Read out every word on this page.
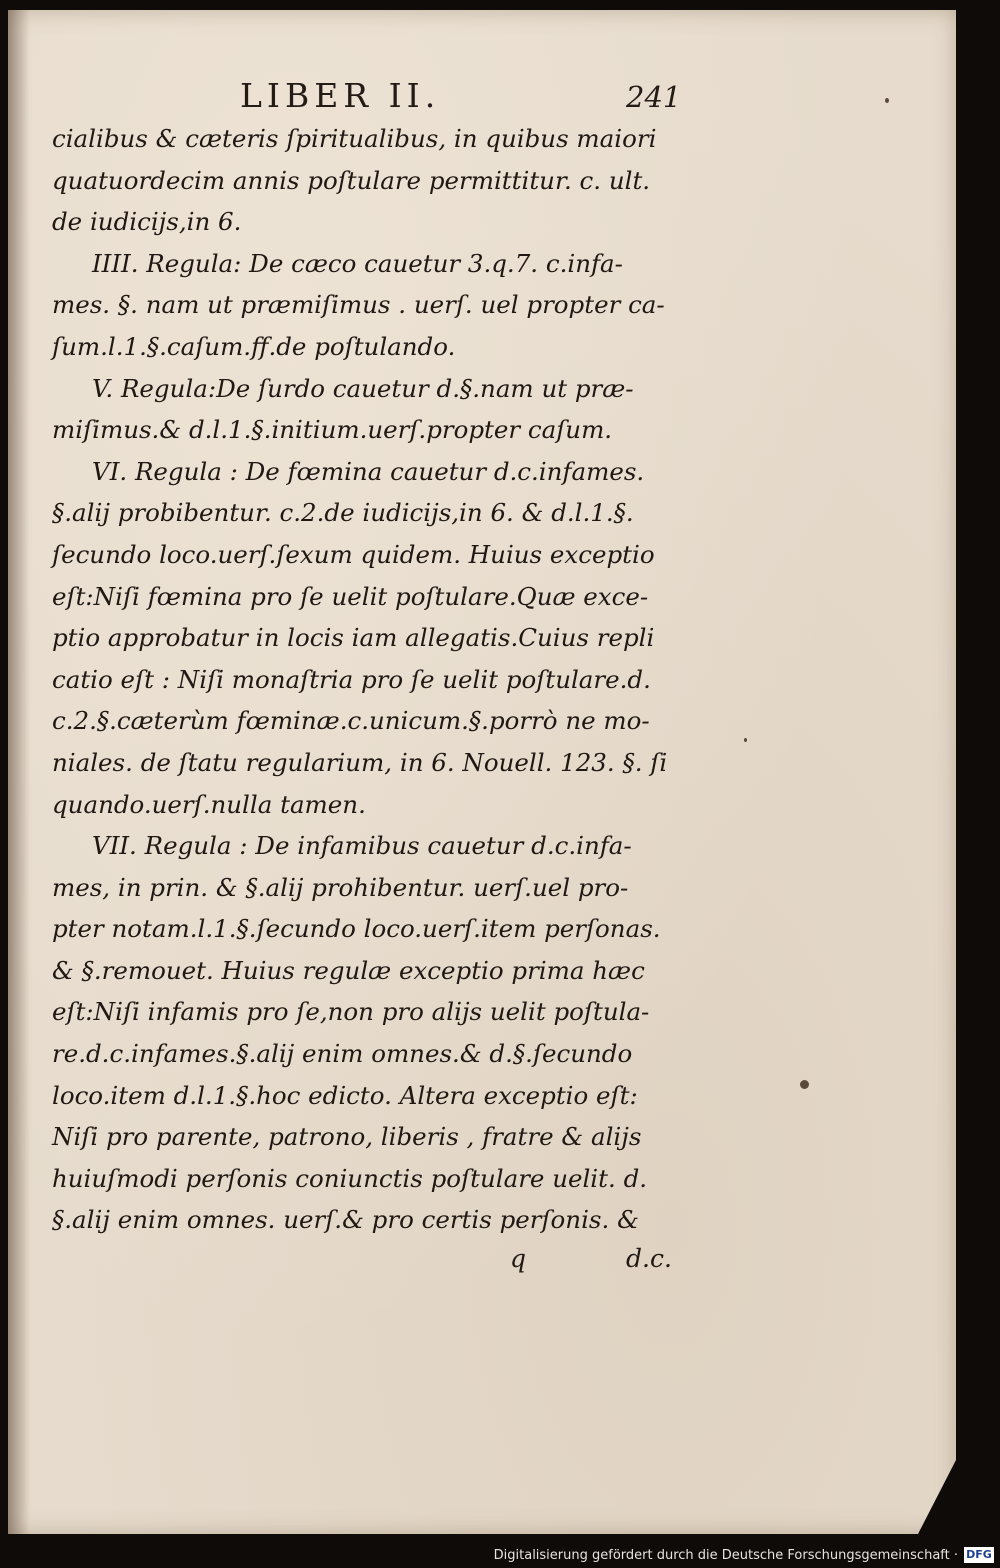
LIBER II.	241
cialibus & cæteris ſpiritualibus, in quibus maiori
quatuordecim annis poſtulare permittitur. c. ult.
de iudicijs,in 6.
IIII. Regula: De cæco cauetur 3.q.7. c.infa-
mes. §. nam ut præmiſimus . uerſ. uel propter ca-
ſum.l.1.§.caſum.ff.de poſtulando.
V. Regula:De ſurdo cauetur d.§.nam ut præ-
miſimus.& d.l.1.§.initium.uerſ.propter caſum.
VI. Regula : De fœmina cauetur d.c.infames.
§.alij probibentur. c.2.de iudicijs,in 6. & d.l.1.§.
ſecundo loco.uerſ.ſexum quidem. Huius exceptio
eſt:Niſi fœmina pro ſe uelit poſtulare.Quæ exce-
ptio approbatur in locis iam allegatis.Cuius repli
catio eſt : Niſi monaſtria pro ſe uelit poſtulare.d.
c.2.§.cæterùm fœminæ.c.unicum.§.porrò ne mo-
niales. de ſtatu regularium, in 6. Nouell. 123. §. ſi
quando.uerſ.nulla tamen.
VII. Regula : De infamibus cauetur d.c.infa-
mes, in prin. & §.alij prohibentur. uerſ.uel pro-
pter notam.l.1.§.ſecundo loco.uerſ.item perſonas.
& §.remouet. Huius regulæ exceptio prima hæc
eſt:Niſi infamis pro ſe,non pro alijs uelit poſtula-
re.d.c.infames.§.alij enim omnes.& d.§.ſecundo
loco.item d.l.1.§.hoc edicto. Altera exceptio eſt:
Niſi pro parente, patrono, liberis , fratre & alijs
huiuſmodi perſonis coniunctis poſtulare uelit. d.
§.alij enim omnes. uerſ.& pro certis perſonis. &
q	d.c.
Digitalisierung gefördert durch die Deutsche Forschungsgemeinschaft · DFG
